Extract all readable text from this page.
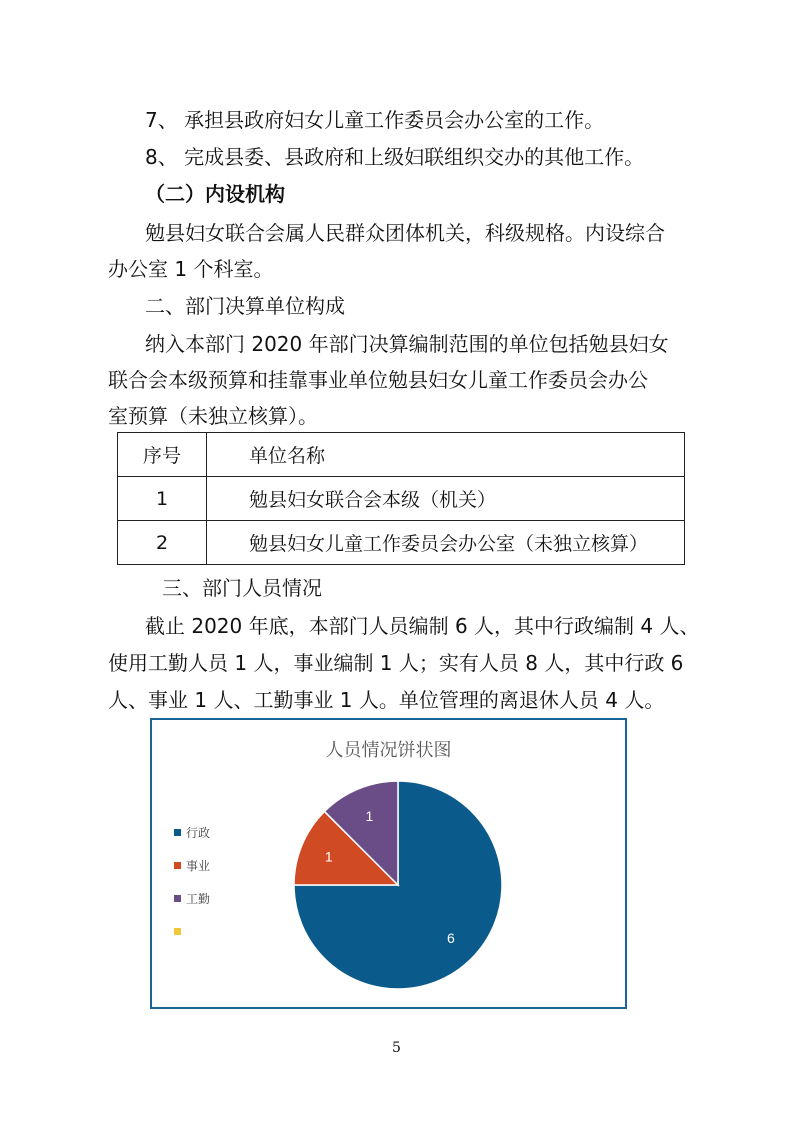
7、 承担县政府妇女儿童工作委员会办公室的工作。
8、 完成县委、县政府和上级妇联组织交办的其他工作。
（二）内设机构
勉县妇女联合会属人民群众团体机关，科级规格。内设综合
办公室 1 个科室。
二、部门决算单位构成
纳入本部门 2020 年部门决算编制范围的单位包括勉县妇女
联合会本级预算和挂靠事业单位勉县妇女儿童工作委员会办公
室预算（未独立核算）。
序号	单位名称
1	勉县妇女联合会本级（机关）
2	勉县妇女儿童工作委员会办公室（未独立核算）
三、部门人员情况
截止 2020 年底，本部门人员编制 6 人，其中行政编制 4 人、
使用工勤人员 1 人，事业编制 1 人；实有人员 8 人，其中行政 6
人、事业 1 人、工勤事业 1 人。单位管理的离退休人员 4 人。
人员情况饼状图
行政
事业
工勤
6
1
1
5
